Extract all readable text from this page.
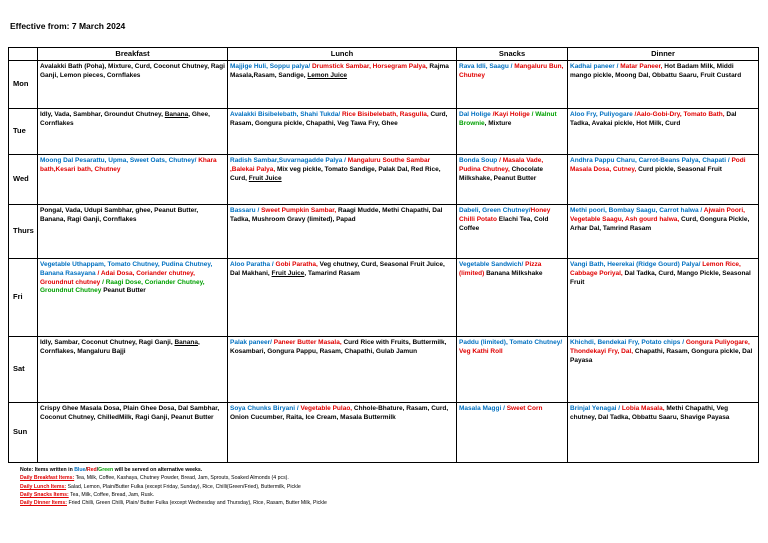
Effective from: 7 March 2024
	Breakfast	Lunch	Snacks	Dinner
Mon	Avalakki Bath (Poha), Mixture, Curd, Coconut Chutney, Ragi Ganji, Lemon pieces, Cornflakes	Majjige Huli, Soppu palya/ Drumstick Sambar, Horsegram Palya, Rajma Masala,Rasam, Sandige, Lemon Juice	Rava Idli, Saagu / Mangaluru Bun, Chutney	Kadhai paneer / Matar Paneer, Hot Badam Milk, Middi mango pickle, Moong Dal, Obbattu Saaru, Fruit Custard
Tue	Idly, Vada, Sambhar, Groundut Chutney, Banana, Ghee, Cornflakes	Avalakki Bisibelebath, Shahi Tukda/ Rice Bisibelebath, Rasgulla, Curd, Rasam, Gongura pickle, Chapathi, Veg Tawa Fry, Ghee	Dal Holige /Kayi Holige / Walnut Brownie, Mixture	Aloo Fry, Puliyogare /Aalo-Gobi-Dry, Tomato Bath, Dal Tadka, Avakai pickle, Hot Milk, Curd
Wed	Moong Dal Pesarattu, Upma, Sweet Oats, Chutney/ Khara bath,Kesari bath, Chutney	Radish Sambar,Suvarnagadde Palya / Mangaluru Southe Sambar ,Balekai Palya, Mix veg pickle, Tomato Sandige, Palak Dal, Red Rice, Curd, Fruit Juice	Bonda Soup / Masala Vade, Pudina Chutney, Chocolate Milkshake, Peanut Butter	Andhra Pappu Charu, Carrot-Beans Palya, Chapati / Podi Masala Dosa, Cutney, Curd pickle, Seasonal Fruit
Thurs	Pongal, Vada, Udupi Sambhar, ghee, Peanut Butter, Banana, Ragi Ganji, Cornflakes	Bassaru / Sweet Pumpkin Sambar, Raagi Mudde, Methi Chapathi, Dal Tadka, Mushroom Gravy (limited), Papad	Dabeli, Green Chutney/Honey Chilli Potato Elachi Tea, Cold Coffee	Methi poori, Bombay Saagu, Carrot halwa / Ajwain Poori, Vegetable Saagu, Ash gourd halwa, Curd, Gongura Pickle, Arhar Dal, Tamrind Rasam
Fri	Vegetable Uthappam, Tomato Chutney, Pudina Chutney, Banana Rasayana / Adai Dosa, Coriander chutney, Groundnut chutney / Raagi Dose, Coriander Chutney, Groundnut Chutney Peanut Butter	Aloo Paratha / Gobi Paratha, Veg chutney, Curd, Seasonal Fruit Juice, Dal Makhani, Fruit Juice, Tamarind Rasam	Vegetable Sandwich/ Pizza (limited) Banana Milkshake	Vangi Bath, Heerekai (Ridge Gourd) Palya/ Lemon Rice, Cabbage Poriyal, Dal Tadka, Curd, Mango Pickle, Seasonal Fruit
Sat	Idly, Sambar, Coconut Chutney, Ragi Ganji, Banana, Cornflakes, Mangaluru Bajji	Palak paneer/ Paneer Butter Masala, Curd Rice with Fruits, Buttermilk, Kosambari, Gongura Pappu, Rasam, Chapathi, Gulab Jamun	Paddu (limited), Tomato Chutney/ Veg Kathi Roll	Khichdi, Bendekai Fry, Potato chips / Gongura Puliyogare, Thondekayi Fry, Dal, Chapathi, Rasam, Gongura pickle, Dal Payasa
Sun	Crispy Ghee Masala Dosa, Plain Ghee Dosa, Dal Sambhar, Coconut Chutney, ChilledMilk, Ragi Ganji, Peanut Butter	Soya Chunks Biryani / Vegetable Pulao, Chhole-Bhature, Rasam, Curd, Onion Cucumber, Raita, Ice Cream, Masala Buttermilk	Masala Maggi / Sweet Corn	Brinjal Yenagai / Lobia Masala, Methi Chapathi, Veg chutney, Dal Tadka, Obbattu Saaru, Shavige Payasa
Note: Items written in Blue/Red/Green will be served on alternative weeks.
Daily Breakfast Items: Tea, Milk, Coffee, Kashaya, Chutney Powder, Bread, Jam, Sprouts, Soaked Almonds (4 pcs).
Daily Lunch Items: Salad, Lemon, Plain/Butter Fulka (except Friday, Sunday), Rice, Chilli(Green/Fried), Buttermilk, Pickle
Daily Snacks Items: Tea, Milk, Coffee, Bread, Jam, Rusk.
Daily Dinner Items: Fried Chilli, Green Chilli, Plain/ Butter Fulka (except Wednesday and Thursday), Rice, Rasam, Butter Milk, Pickle
